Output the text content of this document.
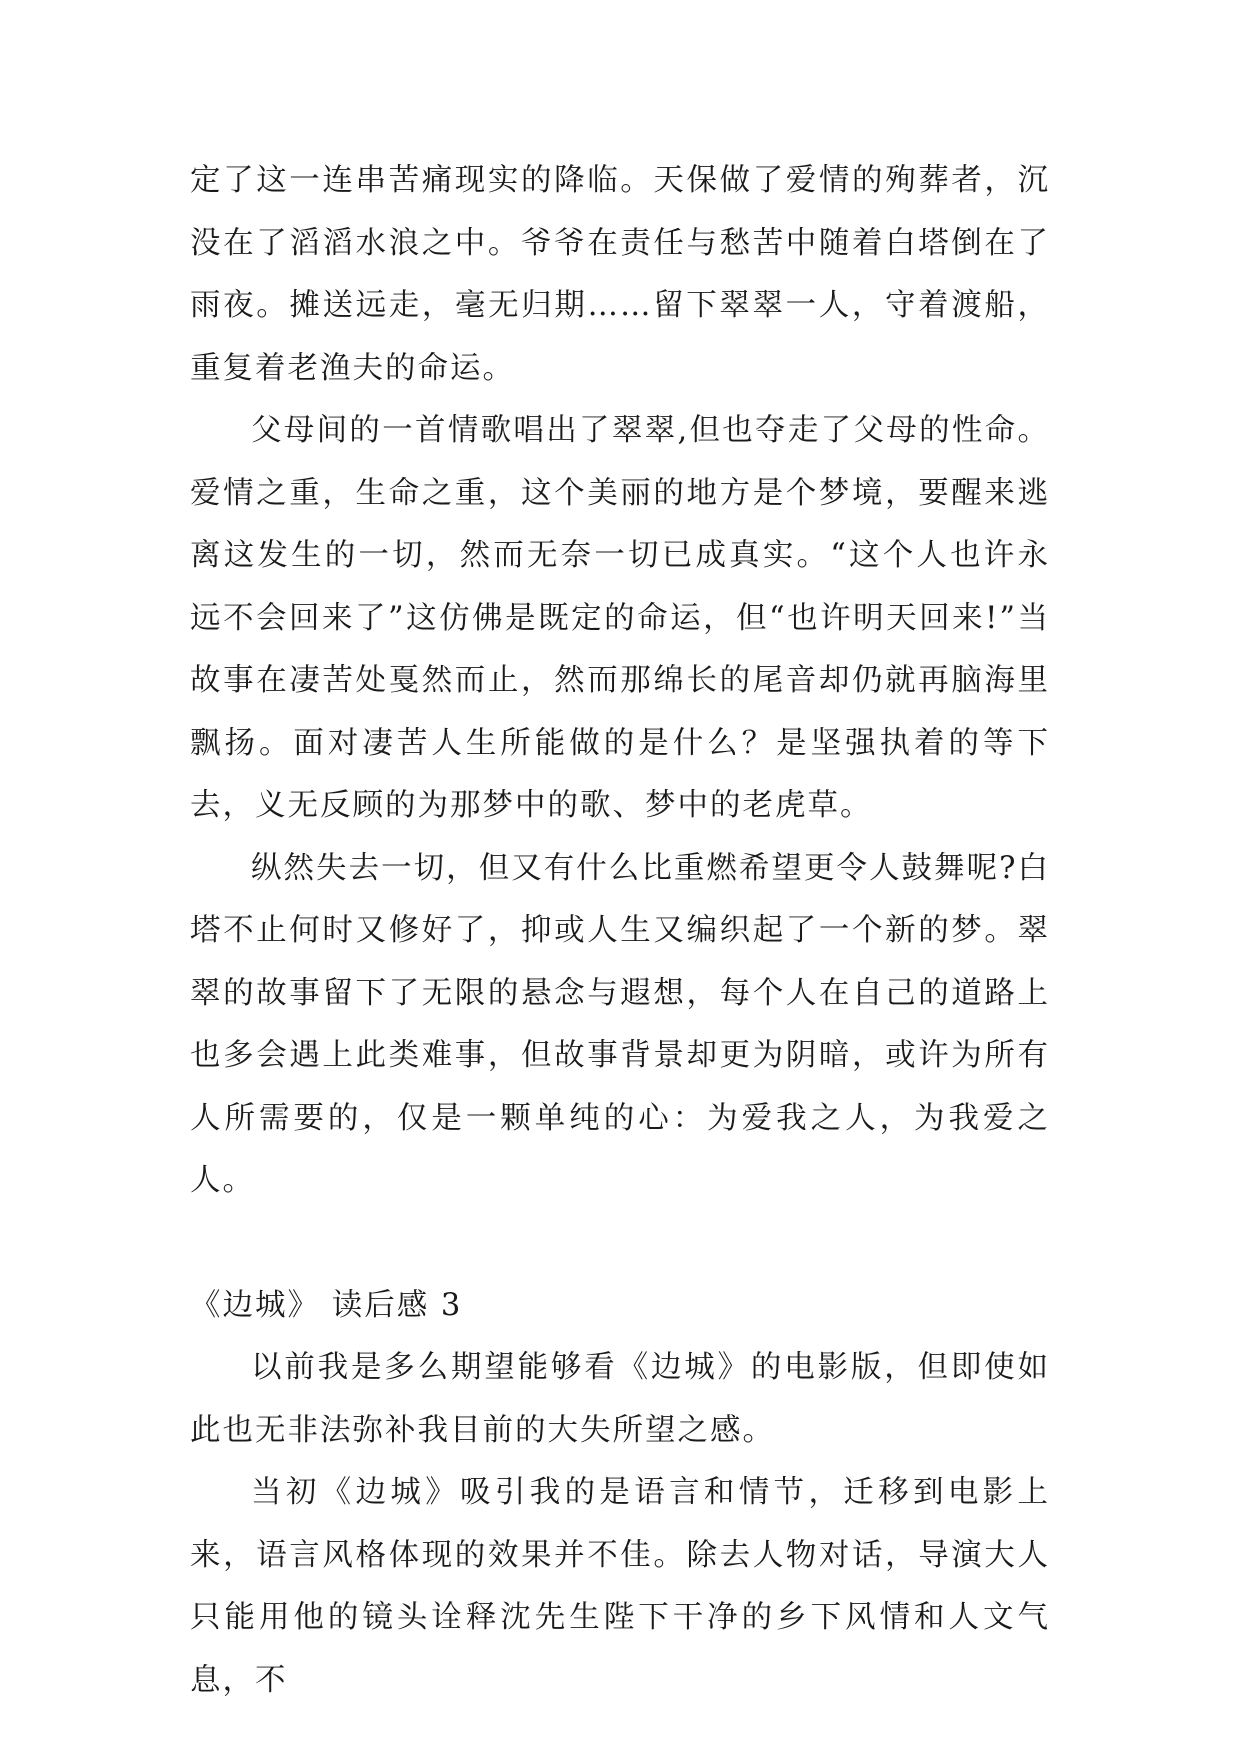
定了这一连串苦痛现实的降临。天保做了爱情的殉葬者，沉没在了滔滔水浪之中。爷爷在责任与愁苦中随着白塔倒在了雨夜。摊送远走，毫无归期……留下翠翠一人，守着渡船，重复着老渔夫的命运。

父母间的一首情歌唱出了翠翠,但也夺走了父母的性命。爱情之重，生命之重，这个美丽的地方是个梦境，要醒来逃离这发生的一切，然而无奈一切已成真实。“这个人也许永远不会回来了”这仿佛是既定的命运，但“也许明天回来!”当故事在凄苦处戛然而止，然而那绵长的尾音却仍就再脑海里飘扬。面对凄苦人生所能做的是什么？是坚强执着的等下去，义无反顾的为那梦中的歌、梦中的老虎草。

纵然失去一切，但又有什么比重燃希望更令人鼓舞呢?白塔不止何时又修好了，抑或人生又编织起了一个新的梦。翠翠的故事留下了无限的悬念与遐想，每个人在自己的道路上也多会遇上此类难事，但故事背景却更为阴暗，或许为所有人所需要的，仅是一颗单纯的心：为爱我之人，为我爱之人。

《边城》 读后感 3

以前我是多么期望能够看《边城》的电影版，但即使如此也无非法弥补我目前的大失所望之感。

当初《边城》吸引我的是语言和情节，迁移到电影上来，语言风格体现的效果并不佳。除去人物对话，导演大人只能用他的镜头诠释沈先生陛下干净的乡下风情和人文气息，不
